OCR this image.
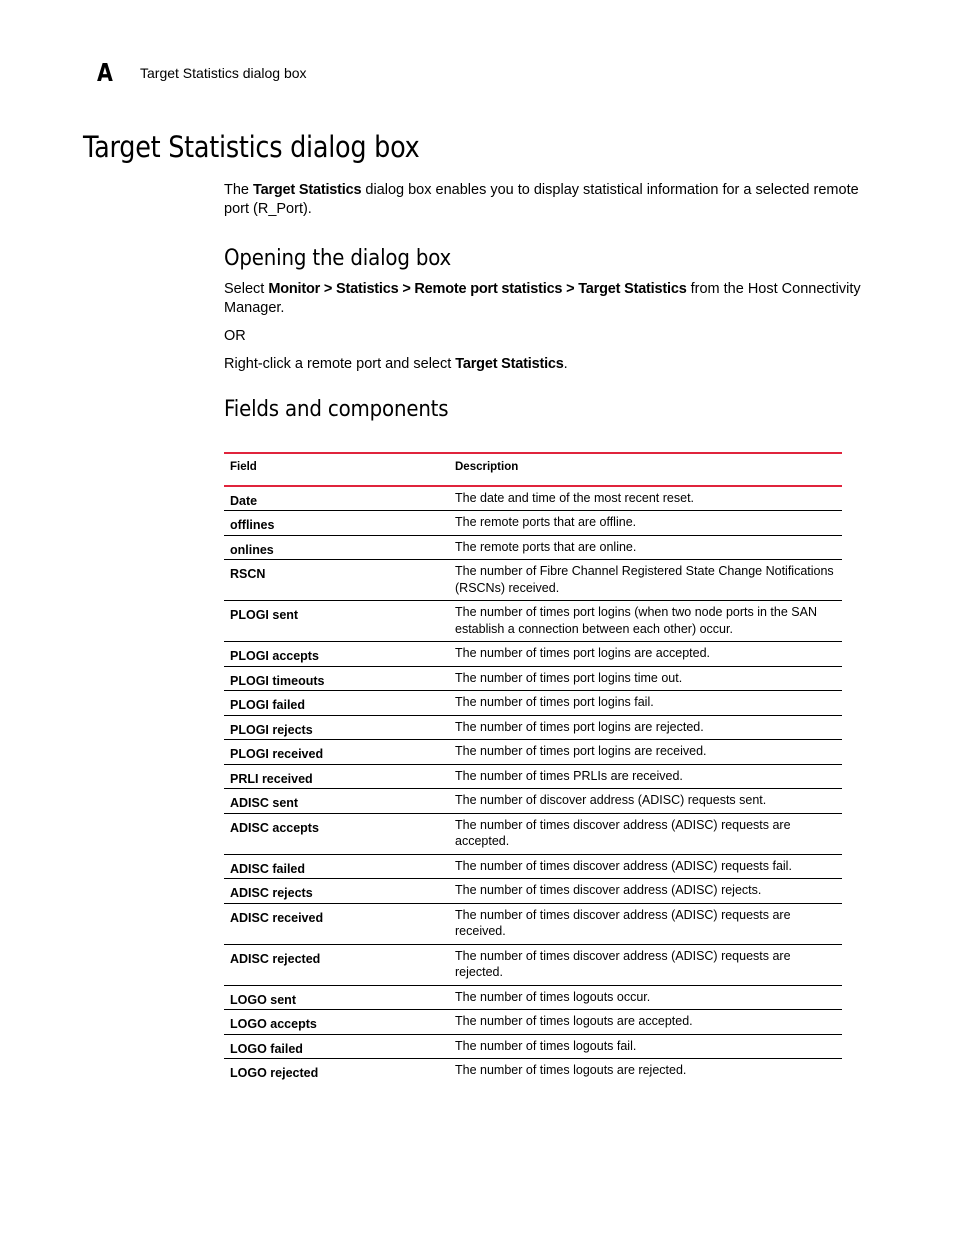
A	Target Statistics dialog box
Target Statistics dialog box

The Target Statistics dialog box enables you to display statistical information for a selected remote port (R_Port).

Opening the dialog box

Select Monitor > Statistics > Remote port statistics > Target Statistics from the Host Connectivity Manager.

OR

Right-click a remote port and select Target Statistics.

Fields and components
Field	Description
Date	The date and time of the most recent reset.
offlines	The remote ports that are offline.
onlines	The remote ports that are online.
RSCN	The number of Fibre Channel Registered State Change Notifications (RSCNs) received.
PLOGI sent	The number of times port logins (when two node ports in the SAN establish a connection between each other) occur.
PLOGI accepts	The number of times port logins are accepted.
PLOGI timeouts	The number of times port logins time out.
PLOGI failed	The number of times port logins fail.
PLOGI rejects	The number of times port logins are rejected.
PLOGI received	The number of times port logins are received.
PRLI received	The number of times PRLIs are received.
ADISC sent	The number of discover address (ADISC) requests sent.
ADISC accepts	The number of times discover address (ADISC) requests are accepted.
ADISC failed	The number of times discover address (ADISC) requests fail.
ADISC rejects	The number of times discover address (ADISC) rejects.
ADISC received	The number of times discover address (ADISC) requests are received.
ADISC rejected	The number of times discover address (ADISC) requests are rejected.
LOGO sent	The number of times logouts occur.
LOGO accepts	The number of times logouts are accepted.
LOGO failed	The number of times logouts fail.
LOGO rejected	The number of times logouts are rejected.
